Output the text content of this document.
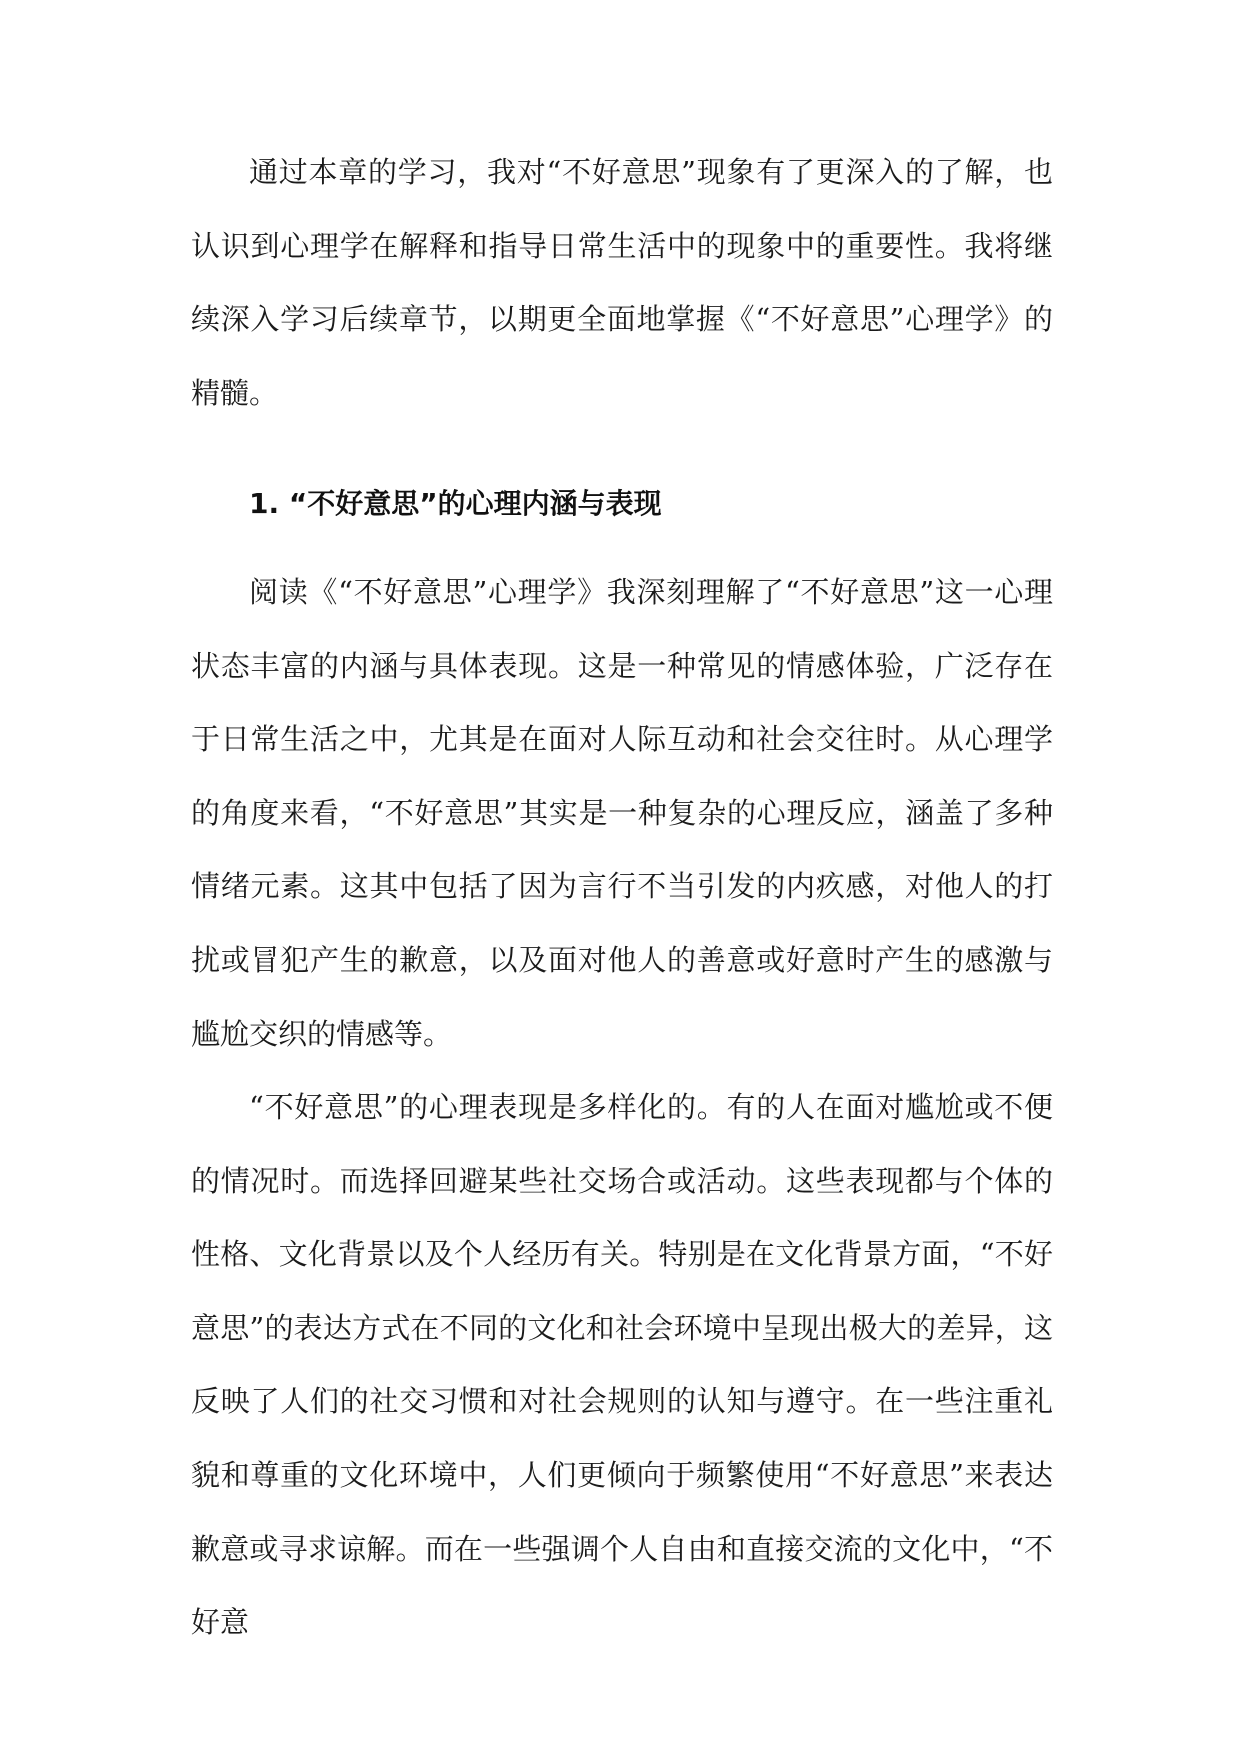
通过本章的学习，我对“不好意思”现象有了更深入的了解，也认识到心理学在解释和指导日常生活中的现象中的重要性。我将继续深入学习后续章节，以期更全面地掌握《“不好意思”心理学》的精髓。

1. “不好意思”的心理内涵与表现

阅读《“不好意思”心理学》我深刻理解了“不好意思”这一心理状态丰富的内涵与具体表现。这是一种常见的情感体验，广泛存在于日常生活之中，尤其是在面对人际互动和社会交往时。从心理学的角度来看，“不好意思”其实是一种复杂的心理反应，涵盖了多种情绪元素。这其中包括了因为言行不当引发的内疚感，对他人的打扰或冒犯产生的歉意，以及面对他人的善意或好意时产生的感激与尴尬交织的情感等。

“不好意思”的心理表现是多样化的。有的人在面对尴尬或不便的情况时。而选择回避某些社交场合或活动。这些表现都与个体的性格、文化背景以及个人经历有关。特别是在文化背景方面，“不好意思”的表达方式在不同的文化和社会环境中呈现出极大的差异，这反映了人们的社交习惯和对社会规则的认知与遵守。在一些注重礼貌和尊重的文化环境中，人们更倾向于频繁使用“不好意思”来表达歉意或寻求谅解。而在一些强调个人自由和直接交流的文化中，“不好意
